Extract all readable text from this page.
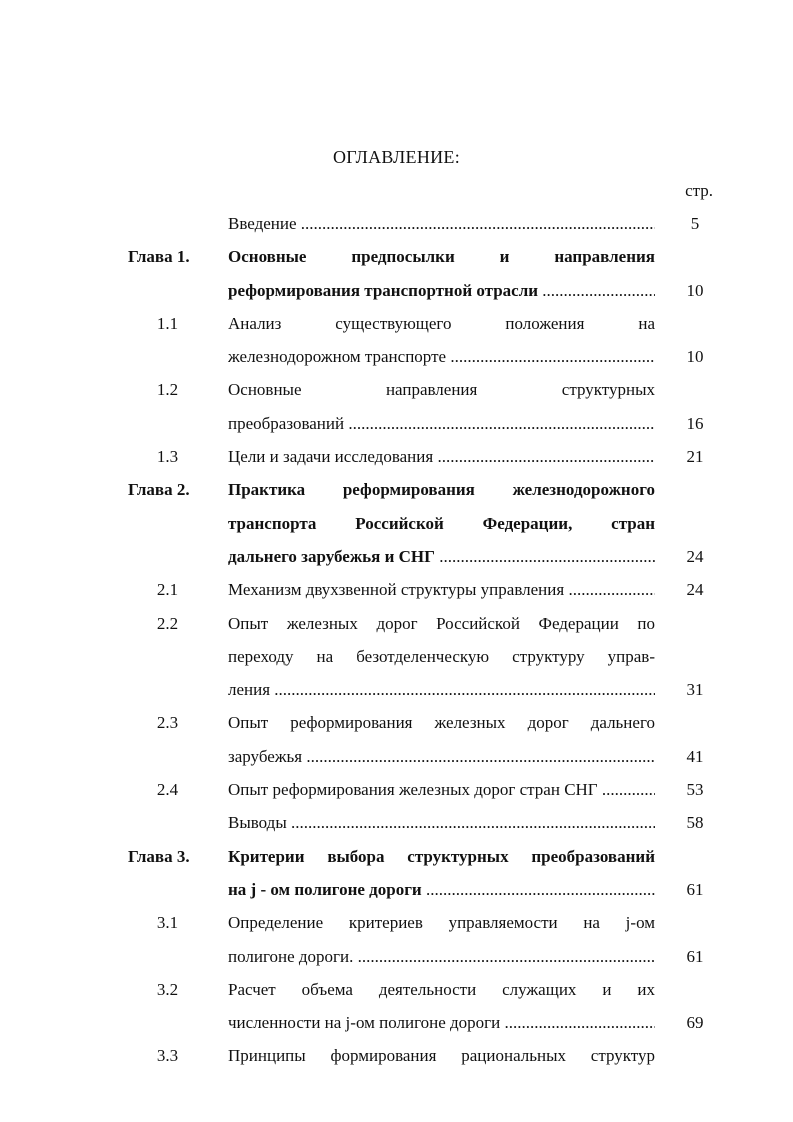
ОГЛАВЛЕНИЕ:
стр.
Введение .....	5
Глава 1.	Основные предпосылки и направления
реформирования транспортной отрасли .....	10
1.1	Анализ существующего положения на
железнодорожном транспорте .....	10
1.2	Основные направления структурных
преобразований .....	16
1.3	Цели и задачи исследования .....	21
Глава 2.	Практика реформирования железнодорожного
транспорта Российской Федерации, стран
дальнего зарубежья и СНГ .....	24
2.1	Механизм двухзвенной структуры управления .....	24
2.2	Опыт железных дорог Российской Федерации по
переходу на безотделенческую структуру управ-
ления .....	31
2.3	Опыт реформирования железных дорог дальнего
зарубежья .....	41
2.4	Опыт реформирования железных дорог стран СНГ .....	53
Выводы .....	58
Глава 3.	Критерии выбора структурных преобразований
на j - ом полигоне дороги .....	61
3.1	Определение критериев управляемости на j-ом
полигоне дороги. .....	61
3.2	Расчет объема деятельности служащих и их
численности на j-ом полигоне дороги .....	69
3.3	Принципы формирования рациональных структур
